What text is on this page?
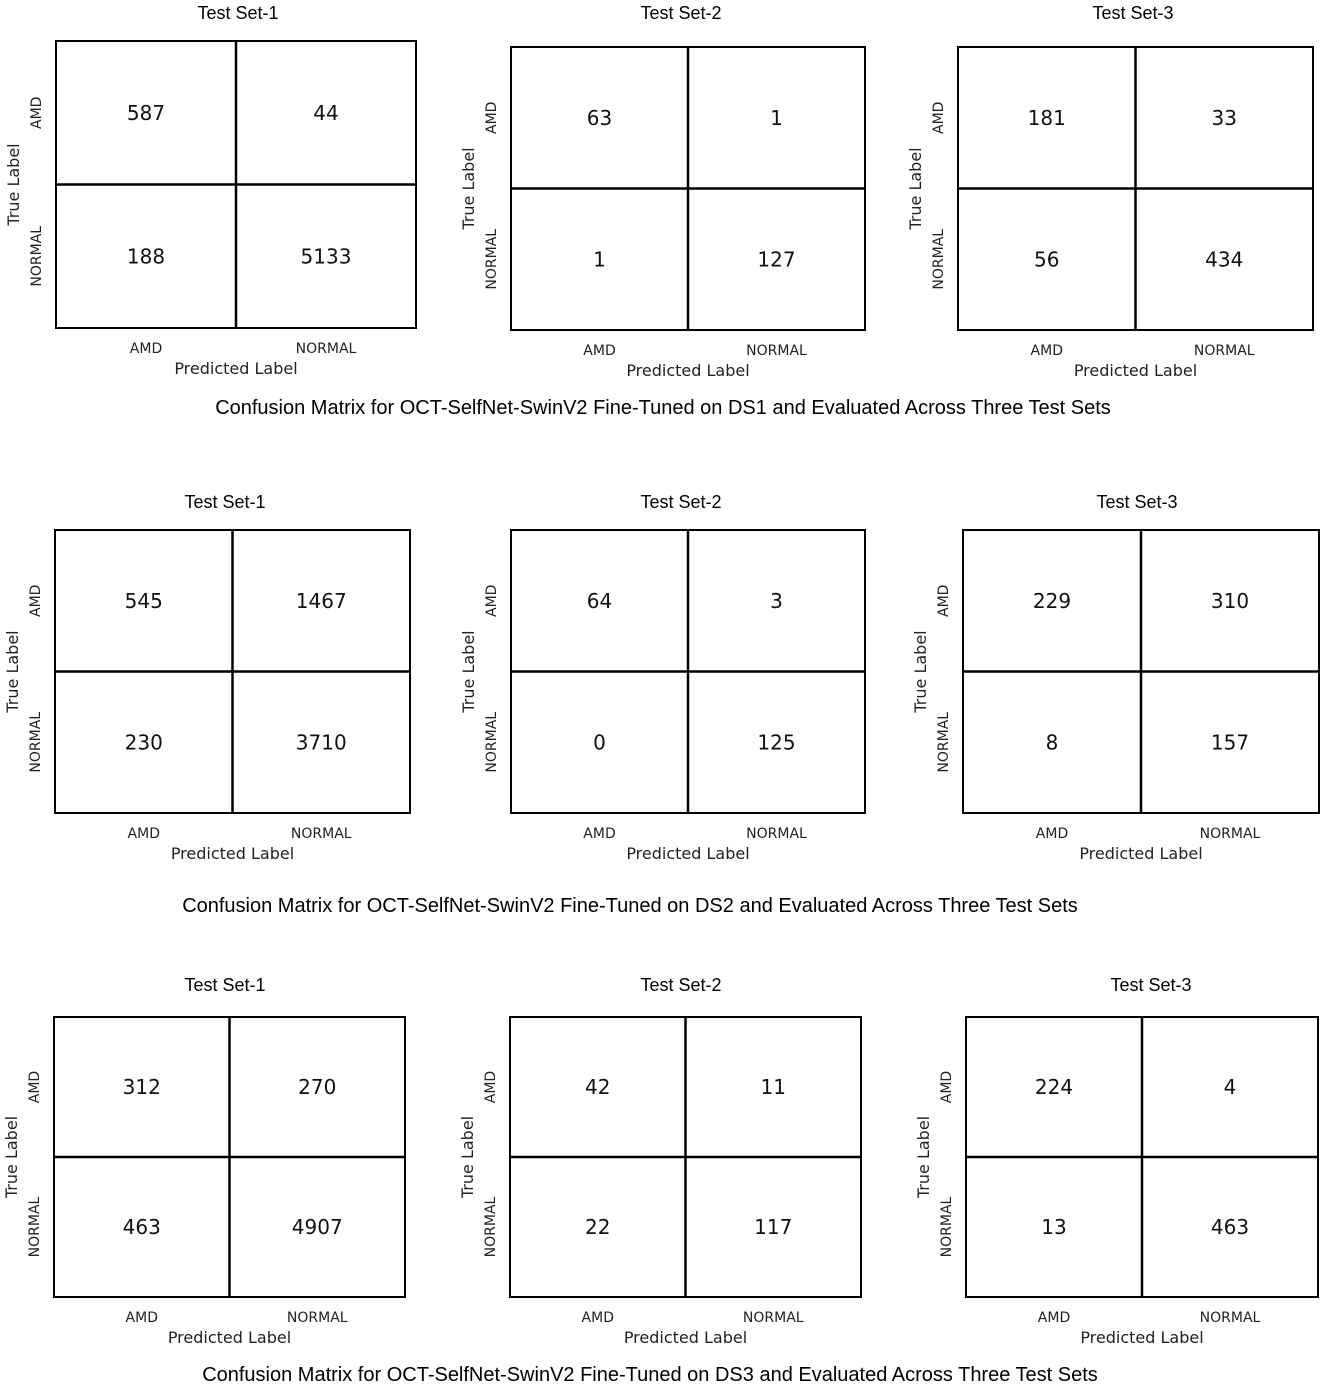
Test Set-1
587	44
188	5133
AMD	NORMAL
AMD
NORMAL
Predicted Label
True Label
Test Set-2
63	1
1	127
AMD	NORMAL
AMD
NORMAL
Predicted Label
True Label
Test Set-3
181	33
56	434
AMD	NORMAL
AMD
NORMAL
Predicted Label
True Label
Test Set-1
545	1467
230	3710
AMD	NORMAL
AMD
NORMAL
Predicted Label
True Label
Test Set-2
64	3
0	125
AMD	NORMAL
AMD
NORMAL
Predicted Label
True Label
Test Set-3
229	310
8	157
AMD	NORMAL
AMD
NORMAL
Predicted Label
True Label
Test Set-1
312	270
463	4907
AMD	NORMAL
AMD
NORMAL
Predicted Label
True Label
Test Set-2
42	11
22	117
AMD	NORMAL
AMD
NORMAL
Predicted Label
True Label
Test Set-3
224	4
13	463
AMD	NORMAL
AMD
NORMAL
Predicted Label
True Label
Confusion Matrix for OCT-SelfNet-SwinV2 Fine-Tuned on DS1 and Evaluated Across Three Test Sets
Confusion Matrix for OCT-SelfNet-SwinV2 Fine-Tuned on DS2 and Evaluated Across Three Test Sets
Confusion Matrix for OCT-SelfNet-SwinV2 Fine-Tuned on DS3 and Evaluated Across Three Test Sets
